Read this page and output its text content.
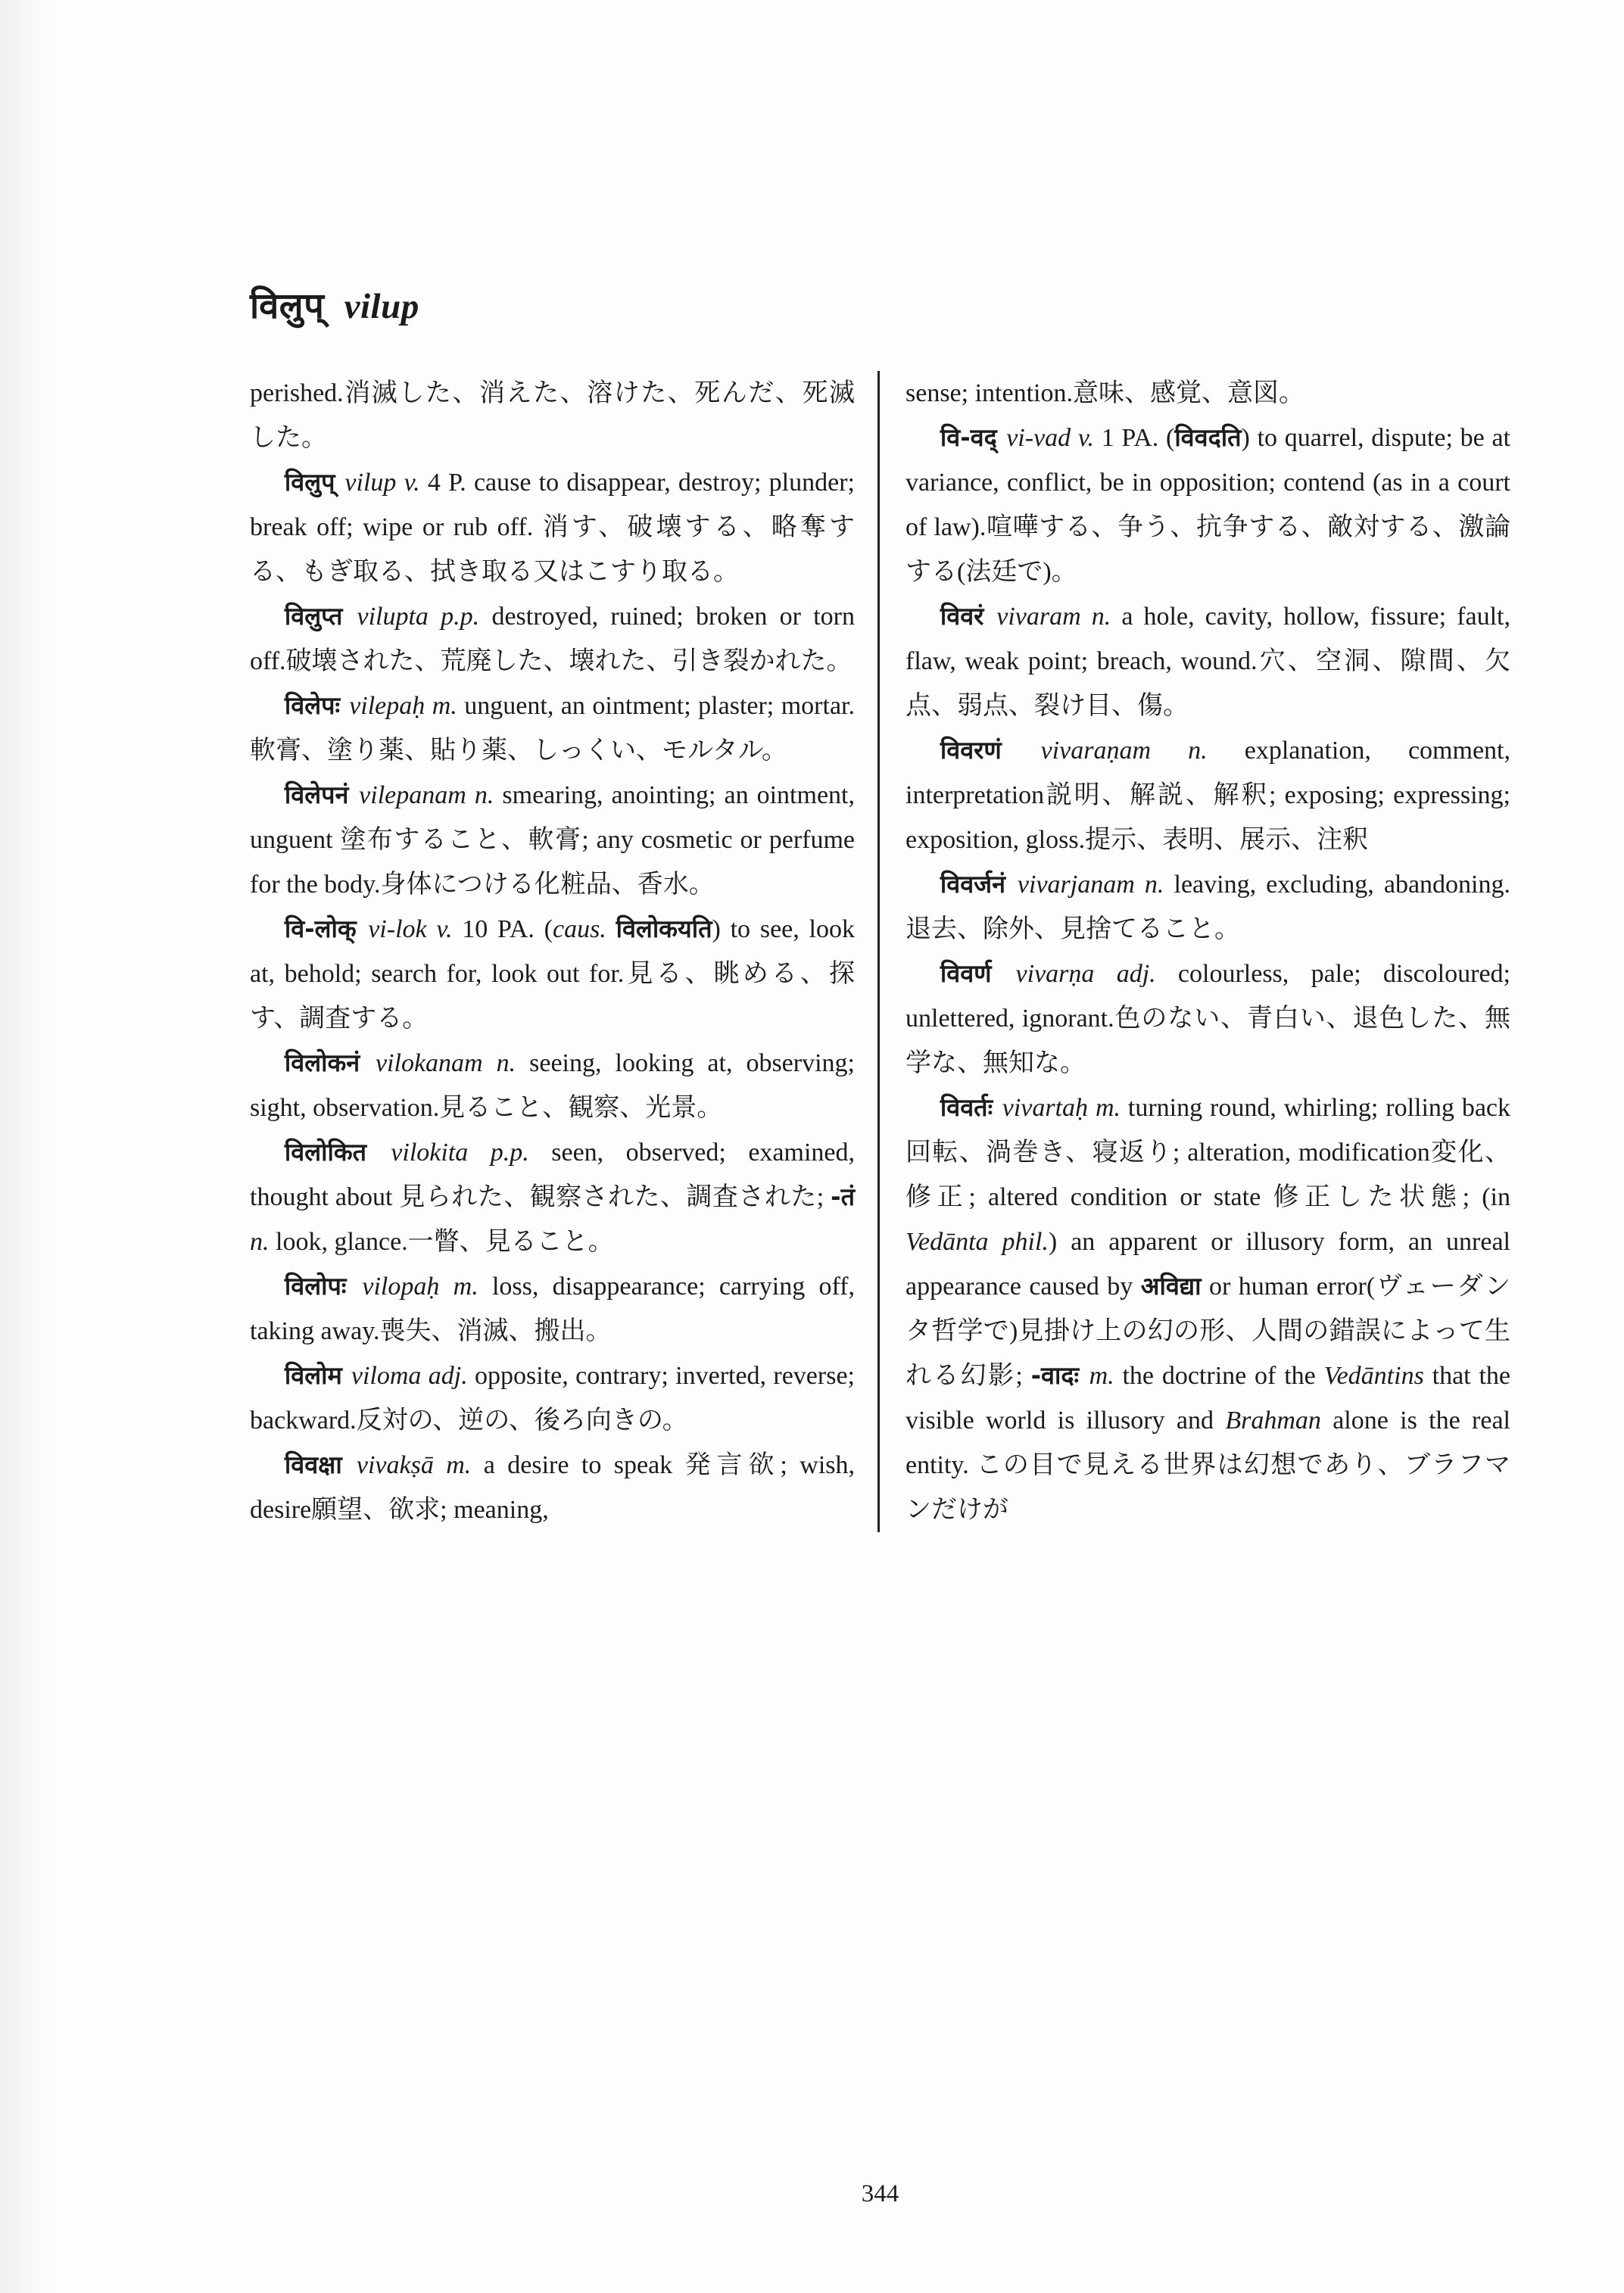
विलुप् vilup

perished.消滅した、消えた、溶けた、死んだ、死滅した。

विलुप् vilup v. 4 P. cause to disappear, destroy; plunder; break off; wipe or rub off. 消す、破壊する、略奪する、もぎ取る、拭き取る又はこすり取る。

विलुप्त vilupta p.p. destroyed, ruined; broken or torn off.破壊された、荒廃した、壊れた、引き裂かれた。

विलेपः vilepaḥ m. unguent, an ointment; plaster; mortar.軟膏、塗り薬、貼り薬、しっくい、モルタル。

विलेपनं vilepanam n. smearing, anointing; an ointment, unguent 塗布すること、軟膏; any cosmetic or perfume for the body.身体につける化粧品、香水。

वि-लोक् vi-lok v. 10 PA. (caus. विलोकयति) to see, look at, behold; search for, look out for.見る、眺める、探す、調査する。

विलोकनं vilokanam n. seeing, looking at, observing; sight, observation.見ること、観察、光景。

विलोकित vilokita p.p. seen, observed; examined, thought about 見られた、観察された、調査された; -तं n. look, glance.一瞥、見ること。

विलोपः vilopaḥ m. loss, disappearance; carrying off, taking away.喪失、消滅、搬出。

विलोम viloma adj. opposite, contrary; inverted, reverse; backward.反対の、逆の、後ろ向きの。

विवक्षा vivakṣā m. a desire to speak 発言欲; wish, desire願望、欲求; meaning,

sense; intention.意味、感覚、意図。

वि-वद् vi-vad v. 1 PA. (विवदति) to quarrel, dispute; be at variance, conflict, be in opposition; contend (as in a court of law).喧嘩する、争う、抗争する、敵対する、激論する(法廷で)。

विवरं vivaram n. a hole, cavity, hollow, fissure; fault, flaw, weak point; breach, wound.穴、空洞、隙間、欠点、弱点、裂け目、傷。

विवरणं vivaraṇam n. explanation, comment, interpretation説明、解説、解釈; exposing; expressing; exposition, gloss.提示、表明、展示、注釈

विवर्जनं vivarjanam n. leaving, excluding, abandoning.退去、除外、見捨てること。

विवर्ण vivarṇa adj. colourless, pale; discoloured; unlettered, ignorant.色のない、青白い、退色した、無学な、無知な。

विवर्तः vivartaḥ m. turning round, whirling; rolling back回転、渦巻き、寝返り; alteration, modification変化、修正; altered condition or state 修正した状態; (in Vedānta phil.) an apparent or illusory form, an unreal appearance caused by अविद्या or human error(ヴェーダンタ哲学で)見掛け上の幻の形、人間の錯誤によって生れる幻影; -वादः m. the doctrine of the Vedāntins that the visible world is illusory and Brahman alone is the real entity. この目で見える世界は幻想であり、ブラフマンだけが

344
